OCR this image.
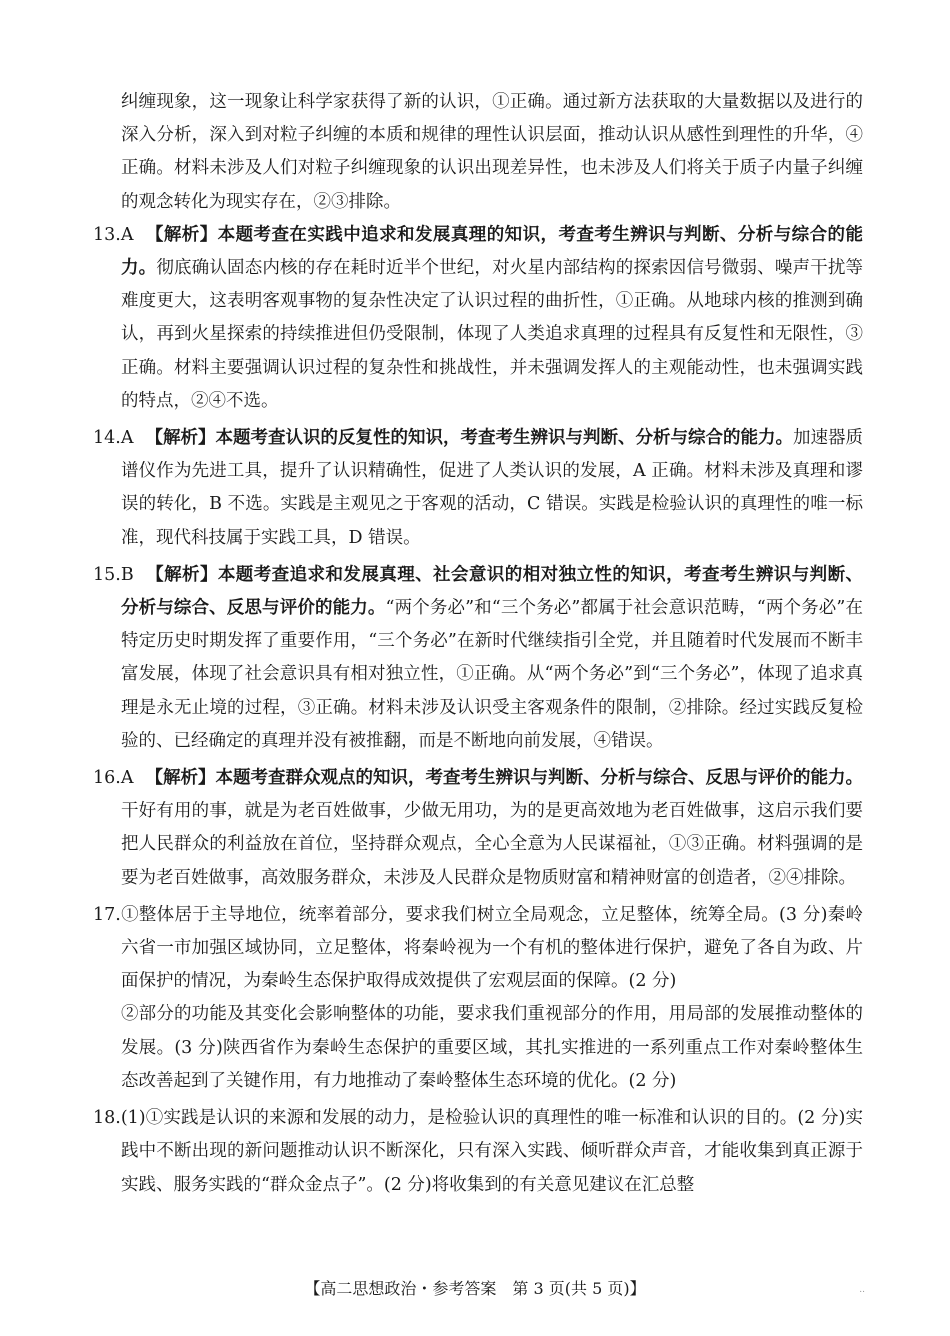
纠缠现象，这一现象让科学家获得了新的认识，①正确。通过新方法获取的大量数据以及进行的深入分析，深入到对粒子纠缠的本质和规律的理性认识层面，推动认识从感性到理性的升华，④正确。材料未涉及人们对粒子纠缠现象的认识出现差异性，也未涉及人们将关于质子内量子纠缠的观念转化为现实存在，②③排除。

13.A 【解析】本题考查在实践中追求和发展真理的知识，考查考生辨识与判断、分析与综合的能力。彻底确认固态内核的存在耗时近半个世纪，对火星内部结构的探索因信号微弱、噪声干扰等难度更大，这表明客观事物的复杂性决定了认识过程的曲折性，①正确。从地球内核的推测到确认，再到火星探索的持续推进但仍受限制，体现了人类追求真理的过程具有反复性和无限性，③正确。材料主要强调认识过程的复杂性和挑战性，并未强调发挥人的主观能动性，也未强调实践的特点，②④不选。
14.A 【解析】本题考查认识的反复性的知识，考查考生辨识与判断、分析与综合的能力。加速器质谱仪作为先进工具，提升了认识精确性，促进了人类认识的发展，A 正确。材料未涉及真理和谬误的转化，B 不选。实践是主观见之于客观的活动，C 错误。实践是检验认识的真理性的唯一标准，现代科技属于实践工具，D 错误。
15.B 【解析】本题考查追求和发展真理、社会意识的相对独立性的知识，考查考生辨识与判断、分析与综合、反思与评价的能力。“两个务必”和“三个务必”都属于社会意识范畴，“两个务必”在特定历史时期发挥了重要作用，“三个务必”在新时代继续指引全党，并且随着时代发展而不断丰富发展，体现了社会意识具有相对独立性，①正确。从“两个务必”到“三个务必”，体现了追求真理是永无止境的过程，③正确。材料未涉及认识受主客观条件的限制，②排除。经过实践反复检验的、已经确定的真理并没有被推翻，而是不断地向前发展，④错误。
16.A 【解析】本题考查群众观点的知识，考查考生辨识与判断、分析与综合、反思与评价的能力。干好有用的事，就是为老百姓做事，少做无用功，为的是更高效地为老百姓做事，这启示我们要把人民群众的利益放在首位，坚持群众观点，全心全意为人民谋福祉，①③正确。材料强调的是要为老百姓做事，高效服务群众，未涉及人民群众是物质财富和精神财富的创造者，②④排除。
17.①整体居于主导地位，统率着部分，要求我们树立全局观念，立足整体，统筹全局。(3 分)秦岭六省一市加强区域协同，立足整体，将秦岭视为一个有机的整体进行保护，避免了各自为政、片面保护的情况，为秦岭生态保护取得成效提供了宏观层面的保障。(2 分)
②部分的功能及其变化会影响整体的功能，要求我们重视部分的作用，用局部的发展推动整体的发展。(3 分)陕西省作为秦岭生态保护的重要区域，其扎实推进的一系列重点工作对秦岭整体生态改善起到了关键作用，有力地推动了秦岭整体生态环境的优化。(2 分)
18.(1)①实践是认识的来源和发展的动力，是检验认识的真理性的唯一标准和认识的目的。(2 分)实践中不断出现的新问题推动认识不断深化，只有深入实践、倾听群众声音，才能收集到真正源于实践、服务实践的“群众金点子”。(2 分)将收集到的有关意见建议在汇总整
【高二思想政治・参考答案　第 3 页(共 5 页)】	..
